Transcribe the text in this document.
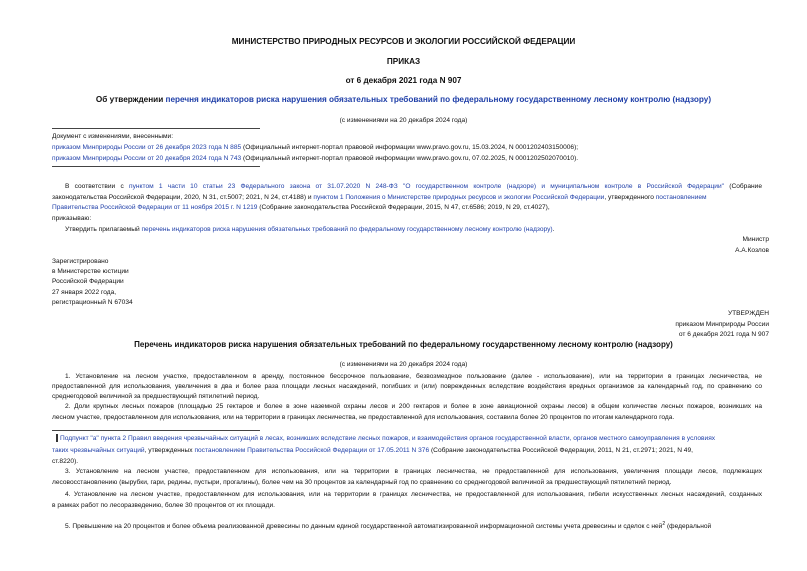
МИНИСТЕРСТВО ПРИРОДНЫХ РЕСУРСОВ И ЭКОЛОГИИ РОССИЙСКОЙ ФЕДЕРАЦИИ
ПРИКАЗ
от 6 декабря 2021 года N 907
Об утверждении перечня индикаторов риска нарушения обязательных требований по федеральному государственному лесному контролю (надзору)
(с изменениями на 20 декабря 2024 года)
Документ с изменениями, внесенными:
приказом Минприроды России от 26 декабря 2023 года N 885 (Официальный интернет-портал правовой информации www.pravo.gov.ru, 15.03.2024, N 0001202403150006);
приказом Минприроды России от 20 декабря 2024 года N 743 (Официальный интернет-портал правовой информации www.pravo.gov.ru, 07.02.2025, N 0001202502070010).
В соответствии с пунктом 1 части 10 статьи 23 Федерального закона от 31.07.2020 N 248-ФЗ "О государственном контроле (надзоре) и муниципальном контроле в Российской Федерации" (Собрание
законодательства Российской Федерации, 2020, N 31, ст.5007; 2021, N 24, ст.4188) и пунктом 1 Положения о Министерстве природных ресурсов и экологии Российской Федерации, утвержденного постановлением
Правительства Российской Федерации от 11 ноября 2015 г. N 1219 (Собрание законодательства Российской Федерации, 2015, N 47, ст.6586; 2019, N 29, ст.4027),
приказываю:
Утвердить прилагаемый перечень индикаторов риска нарушения обязательных требований по федеральному государственному лесному контролю (надзору).
Министр
А.А.Козлов
Зарегистрировано
в Министерстве юстиции
Российской Федерации
27 января 2022 года,
регистрационный N 67034
УТВЕРЖДЕН
приказом Минприроды России
от 6 декабря 2021 года N 907
Перечень индикаторов риска нарушения обязательных требований по федеральному государственному лесному контролю (надзору)
(с изменениями на 20 декабря 2024 года)
1. Установление на лесном участке, предоставленном в аренду, постоянное бессрочное пользование, безвозмездное пользование (далее - использование), или на территории в границах лесничества, не
предоставленной для использования, увеличения в два и более раза площади лесных насаждений, погибших и (или) поврежденных вследствие воздействия вредных организмов за календарный год, по сравнению со
среднегодовой величиной за предшествующий пятилетний период.
2. Доли крупных лесных пожаров (площадью 25 гектаров и более в зоне наземной охраны лесов и 200 гектаров и более в зоне авиационной охраны лесов) в общем количестве лесных пожаров, возникших на
лесном участке, предоставленном для использования, или на территории в границах лесничества, не предоставленной для использования, составила более 20 процентов по итогам календарного года.
Подпункт "а" пункта 2 Правил введения чрезвычайных ситуаций в лесах, возникших вследствие лесных пожаров, и взаимодействия органов государственной власти, органов местного самоуправления в условиях
таких чрезвычайных ситуаций, утвержденных постановлением Правительства Российской Федерации от 17.05.2011 N 376 (Собрание законодательства Российской Федерации, 2011, N 21, ст.2971; 2021, N 49,
ст.8220).
3. Установление на лесном участке, предоставленном для использования, или на территории в границах лесничества, не предоставленной для использования, увеличения площади лесов, подлежащих
лесовосстановлению (вырубки, гари, редины, пустыри, прогалины), более чем на 30 процентов за календарный год по сравнению со среднегодовой величиной за предшествующий пятилетний период.
4. Установление на лесном участке, предоставленном для использования, или на территории в границах лесничества, не предоставленной для использования, гибели искусственных лесных насаждений, созданных
в рамках работ по лесоразведению, более 30 процентов от их площади.
5. Превышение на 20 процентов и более объема реализованной древесины по данным единой государственной автоматизированной информационной системы учета древесины и сделок с ней$^2$ (федеральной
